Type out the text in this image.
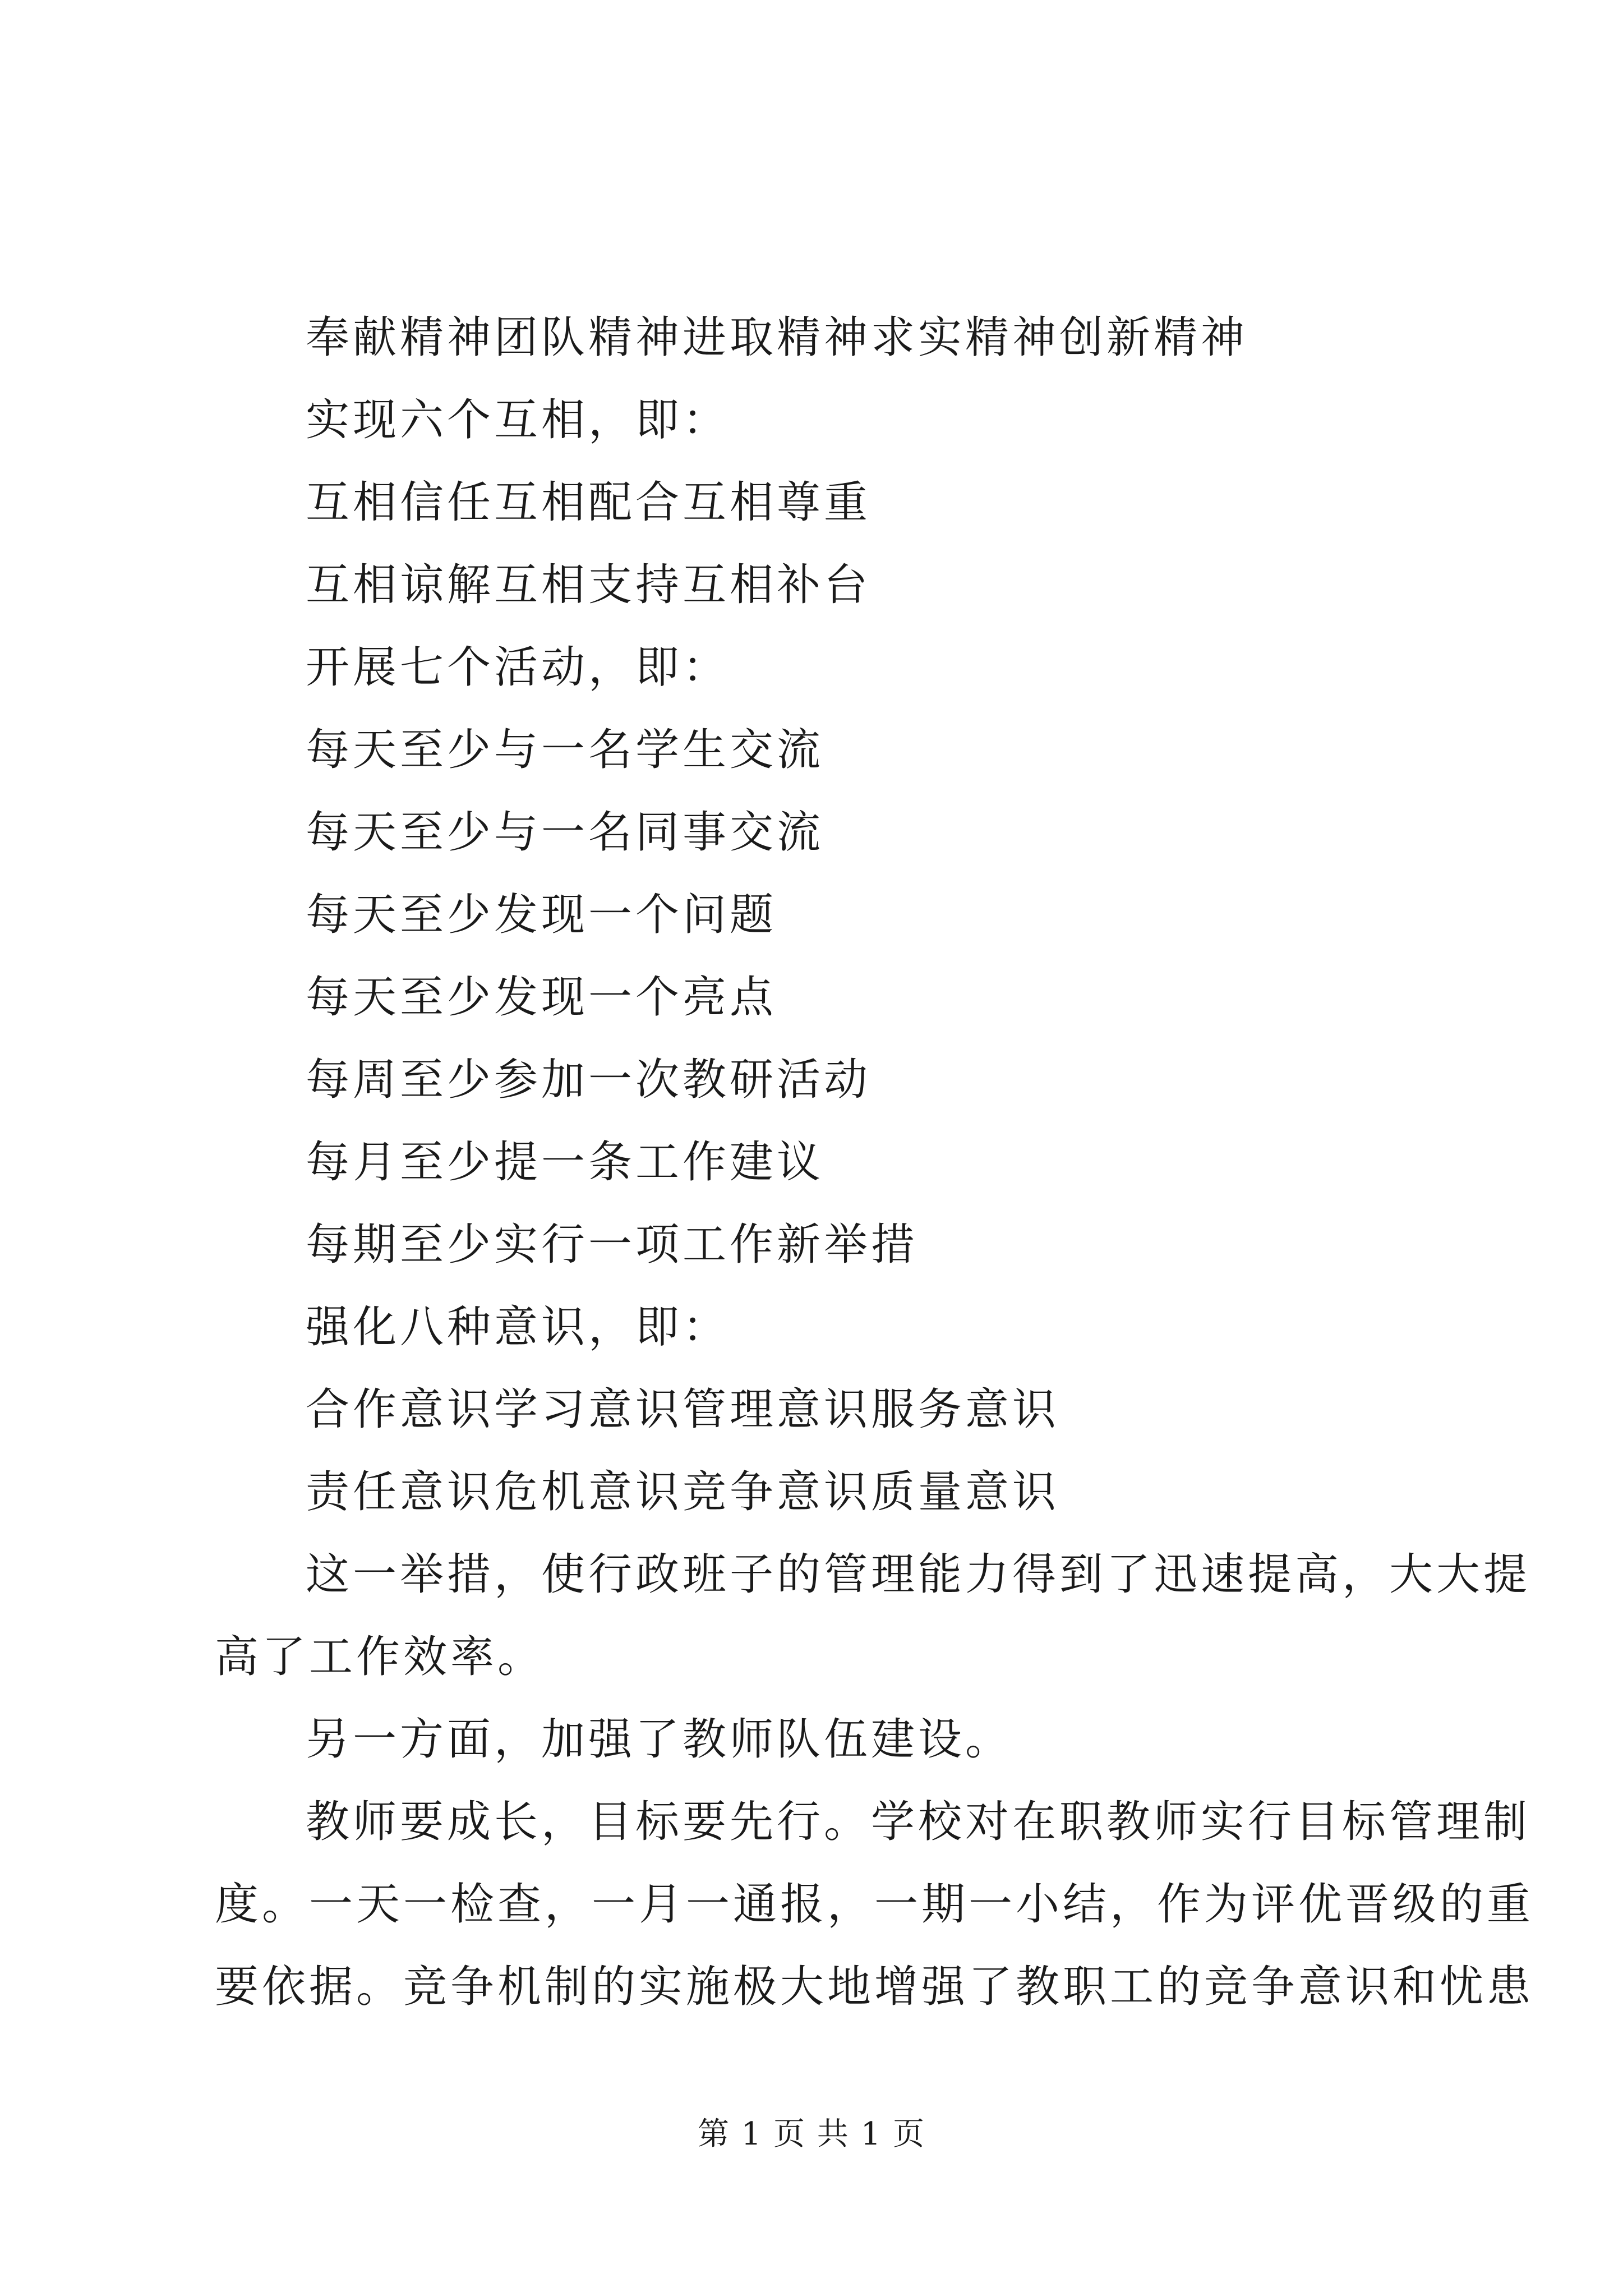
奉献精神团队精神进取精神求实精神创新精神
实现六个互相，即：
互相信任互相配合互相尊重
互相谅解互相支持互相补台
开展七个活动，即：
每天至少与一名学生交流
每天至少与一名同事交流
每天至少发现一个问题
每天至少发现一个亮点
每周至少参加一次教研活动
每月至少提一条工作建议
每期至少实行一项工作新举措
强化八种意识，即：
合作意识学习意识管理意识服务意识
责任意识危机意识竞争意识质量意识
这一举措，使行政班子的管理能力得到了迅速提高，大大提
高了工作效率。
另一方面，加强了教师队伍建设。
教师要成长，目标要先行。学校对在职教师实行目标管理制
度。一天一检查，一月一通报，一期一小结，作为评优晋级的重
要依据。竞争机制的实施极大地增强了教职工的竞争意识和忧患
第 1 页 共 1 页
